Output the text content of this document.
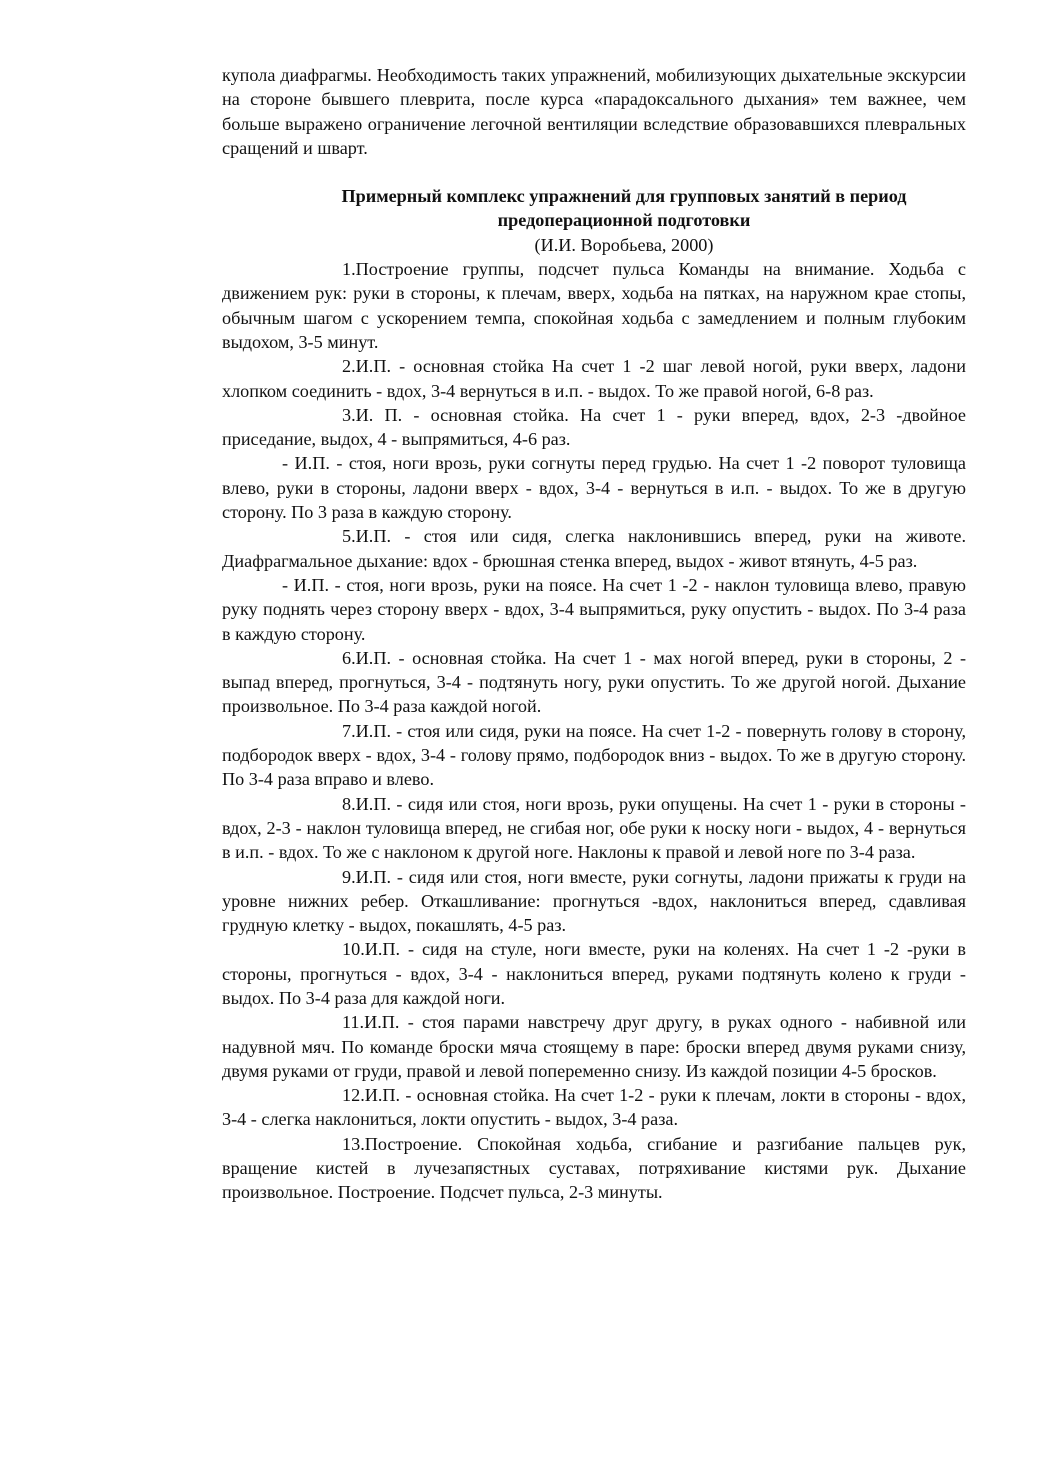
купола диафрагмы. Необходимость таких упражнений, мобилизующих дыхательные экскурсии на стороне бывшего плеврита, после курса «парадоксального дыхания» тем важнее, чем больше выражено ограничение легочной вентиляции вследствие образовавшихся плевральных сращений и шварт.

Примерный комплекс упражнений для групповых занятий в период

предоперационной подготовки

(И.И. Воробьева, 2000)

1.Построение группы, подсчет пульса Команды на внимание. Ходьба с движением рук: руки в стороны, к плечам, вверх, ходьба на пятках, на наружном крае стопы, обычным шагом с ускорением темпа, спокойная ходьба с замедлением и полным глубоким выдохом, 3-5 минут.

2.И.П. - основная стойка На счет 1 -2 шаг левой ногой, руки вверх, ладони хлопком соединить - вдох, 3-4 вернуться в и.п. - выдох. То же правой ногой, 6-8 раз.

3.И. П. - основная стойка. На счет 1 - руки вперед, вдох, 2-3 -двойное приседание, выдох, 4 - выпрямиться, 4-6 раз.

- И.П. - стоя, ноги врозь, руки согнуты перед грудью. На счет 1 -2 поворот туловища влево, руки в стороны, ладони вверх - вдох, 3-4 - вернуться в и.п. - выдох. То же в другую сторону. По 3 раза в каждую сторону.

5.И.П. - стоя или сидя, слегка наклонившись вперед, руки на животе. Диафрагмальное дыхание: вдох - брюшная стенка вперед, выдох - живот втянуть, 4-5 раз.

- И.П. - стоя, ноги врозь, руки на поясе. На счет 1 -2 - наклон туловища влево, правую руку поднять через сторону вверх - вдох, 3-4 выпрямиться, руку опустить - выдох. По 3-4 раза в каждую сторону.

6.И.П. - основная стойка. На счет 1 - мах ногой вперед, руки в стороны, 2 - выпад вперед, прогнуться, 3-4 - подтянуть ногу, руки опустить. То же другой ногой. Дыхание произвольное. По 3-4 раза каждой ногой.

7.И.П. - стоя или сидя, руки на поясе. На счет 1-2 - повернуть голову в сторону, подбородок вверх - вдох, 3-4 - голову прямо, подбородок вниз - выдох. То же в другую сторону. По 3-4 раза вправо и влево.

8.И.П. - сидя или стоя, ноги врозь, руки опущены. На счет 1 - руки в стороны - вдох, 2-3 - наклон туловища вперед, не сгибая ног, обе руки к носку ноги - выдох, 4 - вернуться в и.п. - вдох. То же с наклоном к другой ноге. Наклоны к правой и левой ноге по 3-4 раза.

9.И.П. - сидя или стоя, ноги вместе, руки согнуты, ладони прижаты к груди на уровне нижних ребер. Откашливание: прогнуться -вдох, наклониться вперед, сдавливая грудную клетку - выдох, покашлять, 4-5 раз.

10.И.П. - сидя на стуле, ноги вместе, руки на коленях. На счет 1 -2 -руки в стороны, прогнуться - вдох, 3-4 - наклониться вперед, руками подтянуть колено к груди - выдох. По 3-4 раза для каждой ноги.

11.И.П. - стоя парами навстречу друг другу, в руках одного - набивной или надувной мяч. По команде броски мяча стоящему в паре: броски вперед двумя руками снизу, двумя руками от груди, правой и левой попеременно снизу. Из каждой позиции 4-5 бросков.

12.И.П. - основная стойка. На счет 1-2 - руки к плечам, локти в стороны - вдох, 3-4 - слегка наклониться, локти опустить - выдох, 3-4 раза.

13.Построение. Спокойная ходьба, сгибание и разгибание пальцев рук, вращение кистей в лучезапястных суставах, потряхивание кистями рук. Дыхание произвольное. Построение. Подсчет пульса, 2-3 минуты.
